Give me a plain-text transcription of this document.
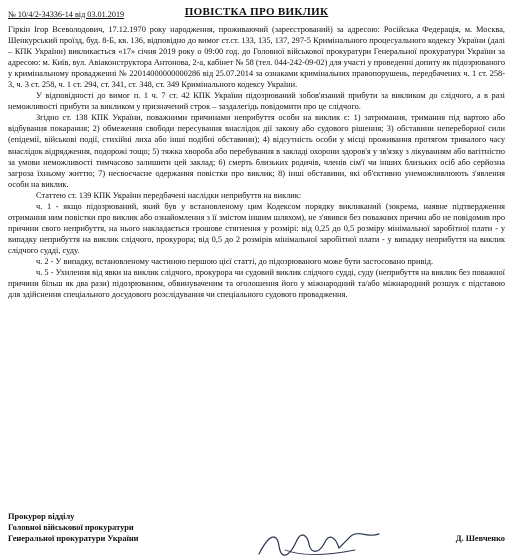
№ 10/4/2-34336-14 від 03.01.2019	ПОВІСТКА ПРО ВИКЛИК

Гіркін Ігор Всеволодович, 17.12.1970 року народження, проживаючий (зареєстрований) за адресою: Російська Федерація, м. Москва, Шенкурський проїзд, буд. 8-Б, кв. 136, відповідно до вимог ст.ст. 133, 135, 137, 297-5 Кримінального процесуального кодексу України (далі – КПК України) викликається «17» січня 2019 року о 09:00 год. до Головної військової прокуратури Генеральної прокуратури України за адресою: м. Київ, вул. Авіаконструктора Антонова, 2-а, кабінет № 58 (тел. 044-242-09-02) для участі у проведенні допиту як підозрюваного у кримінальному провадженні № 22014000000000286 від 25.07.2014 за ознаками кримінальних правопорушень, передбачених ч. 1 ст. 258-3, ч. 3 ст. 258, ч. 1 ст. 294, ст. 341, ст. 348, ст. 349 Кримінального кодексу України.

У відповідності до вимог п. 1 ч. 7 ст. 42 КПК України підозрюваний зобов'язаний прибути за викликом до слідчого, а в разі неможливості прибути за викликом у призначений строк – заздалегідь повідомити про це слідчого.

Згідно ст. 138 КПК України, поважними причинами неприбуття особи на виклик є: 1) затримання, тримання під вартою або відбування покарання; 2) обмеження свободи пересування внаслідок дії закону або судового рішення; 3) обставини непереборної сили (епідемії, військові події, стихійні лиха або інші подібні обставини); 4) відсутність особи у місці проживання протягом тривалого часу внаслідок відрядження, подорожі тощо; 5) тяжка хвороба або перебування в закладі охорони здоров'я у зв'язку з лікуванням або вагітністю за умови неможливості тимчасово залишити цей заклад; 6) смерть близьких родичів, членів сім'ї чи інших близьких осіб або серйозна загроза їхньому життю; 7) несвоєчасне одержання повістки про виклик; 8) інші обставини, які об'єктивно унеможливлюють з'явлення особи на виклик.

Статтею ст. 139 КПК України передбачені наслідки неприбуття на виклик:

ч. 1 - якщо підозрюваний, який був у встановленому цим Кодексом порядку викликаний (зокрема, наявне підтвердження отримання ним повістки про виклик або ознайомлення з її змістом іншим шляхом), не з'явився без поважних причин або не повідомив про причини свого неприбуття, на нього накладається грошове стягнення у розмірі: від 0,25 до 0,5 розміру мінімальної заробітної плати - у випадку неприбуття на виклик слідчого, прокурора; від 0,5 до 2 розмірів мінімальної заробітної плати - у випадку неприбуття на виклик слідчого судді, суду.

ч. 2 - У випадку, встановленому частиною першою цієї статті, до підозрюваного може бути застосовано привід.

ч. 5 - Ухилення від явки на виклик слідчого, прокурора чи судовий виклик слідчого судді, суду (неприбуття на виклик без поважної причини більш як два рази) підозрюваним, обвинуваченим та оголошення його у міжнародний та/або міжнародний розшук є підставою для здійснення спеціального досудового розслідування чи спеціального судового провадження.

Прокурор відділу
Головної військової прокуратури
Генеральної прокуратури України	Д. Шевченко
